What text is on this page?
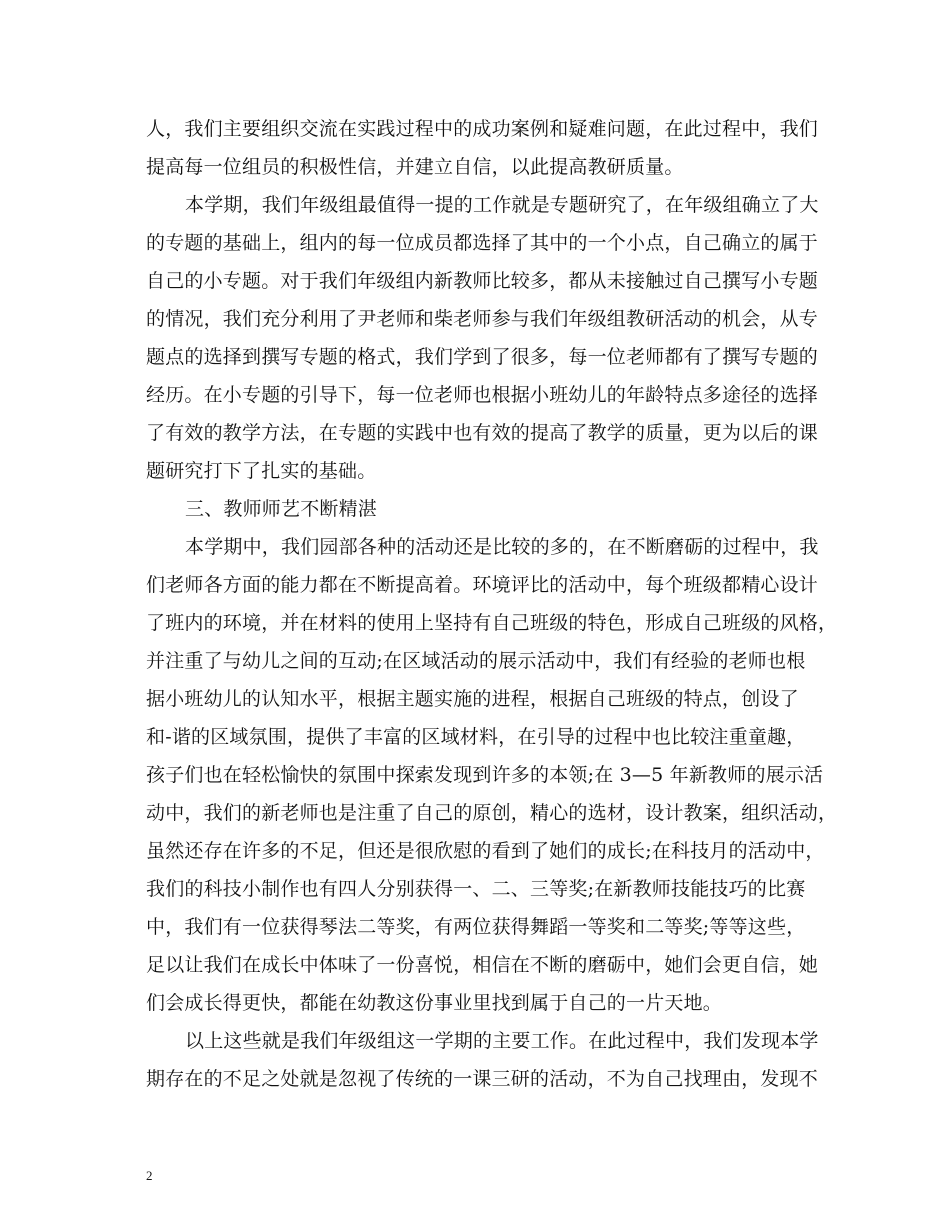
人，我们主要组织交流在实践过程中的成功案例和疑难问题，在此过程中，我们
提高每一位组员的积极性信，并建立自信，以此提高教研质量。
本学期，我们年级组最值得一提的工作就是专题研究了，在年级组确立了大
的专题的基础上，组内的每一位成员都选择了其中的一个小点，自己确立的属于
自己的小专题。对于我们年级组内新教师比较多，都从未接触过自己撰写小专题
的情况，我们充分利用了尹老师和柴老师参与我们年级组教研活动的机会，从专
题点的选择到撰写专题的格式，我们学到了很多，每一位老师都有了撰写专题的
经历。在小专题的引导下，每一位老师也根据小班幼儿的年龄特点多途径的选择
了有效的教学方法，在专题的实践中也有效的提高了教学的质量，更为以后的课
题研究打下了扎实的基础。
三、教师师艺不断精湛
本学期中，我们园部各种的活动还是比较的多的，在不断磨砺的过程中，我
们老师各方面的能力都在不断提高着。环境评比的活动中，每个班级都精心设计
了班内的环境，并在材料的使用上坚持有自己班级的特色，形成自己班级的风格，
并注重了与幼儿之间的互动;在区域活动的展示活动中，我们有经验的老师也根
据小班幼儿的认知水平，根据主题实施的进程，根据自己班级的特点，创设了
和-谐的区域氛围，提供了丰富的区域材料，在引导的过程中也比较注重童趣，
孩子们也在轻松愉快的氛围中探索发现到许多的本领;在 3—5 年新教师的展示活
动中，我们的新老师也是注重了自己的原创，精心的选材，设计教案，组织活动，
虽然还存在许多的不足，但还是很欣慰的看到了她们的成长;在科技月的活动中，
我们的科技小制作也有四人分别获得一、二、三等奖;在新教师技能技巧的比赛
中，我们有一位获得琴法二等奖，有两位获得舞蹈一等奖和二等奖;等等这些，
足以让我们在成长中体味了一份喜悦，相信在不断的磨砺中，她们会更自信，她
们会成长得更快，都能在幼教这份事业里找到属于自己的一片天地。
以上这些就是我们年级组这一学期的主要工作。在此过程中，我们发现本学
期存在的不足之处就是忽视了传统的一课三研的活动，不为自己找理由，发现不
2
